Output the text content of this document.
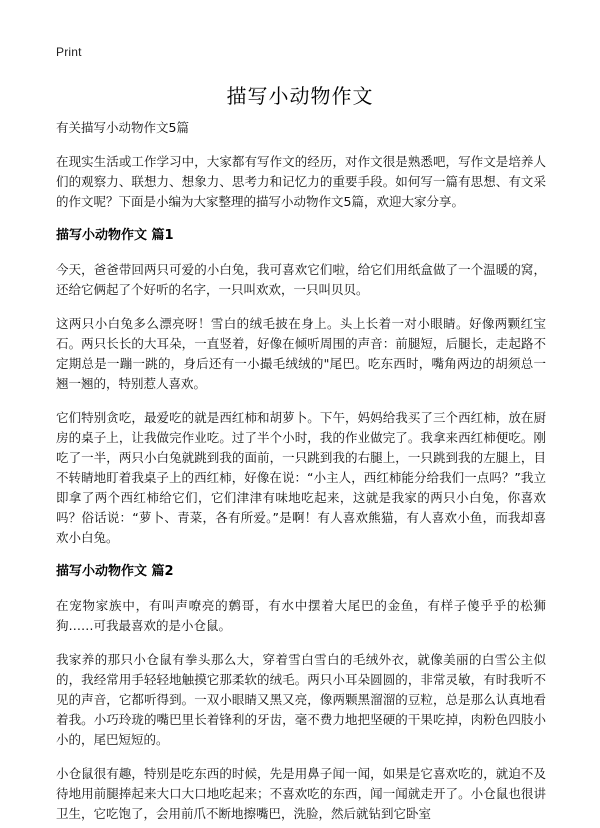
Print
描写小动物作文

有关描写小动物作文5篇

在现实生活或工作学习中，大家都有写作文的经历，对作文很是熟悉吧，写作文是培养人们的观察力、联想力、想象力、思考力和记忆力的重要手段。如何写一篇有思想、有文采的作文呢？下面是小编为大家整理的描写小动物作文5篇，欢迎大家分享。

描写小动物作文 篇1

今天，爸爸带回两只可爱的小白兔，我可喜欢它们啦，给它们用纸盒做了一个温暖的窝，还给它俩起了个好听的名字，一只叫欢欢，一只叫贝贝。

这两只小白兔多么漂亮呀！雪白的绒毛披在身上。头上长着一对小眼睛。好像两颗红宝石。两只长长的大耳朵，一直竖着，好像在倾听周围的声音：前腿短，后腿长，走起路不定期总是一蹦一跳的，身后还有一小撮毛绒绒的"尾巴。吃东西时，嘴角两边的胡须总一翘一翘的，特别惹人喜欢。

它们特别贪吃，最爱吃的就是西红柿和胡萝卜。下午，妈妈给我买了三个西红柿，放在厨房的桌子上，让我做完作业吃。过了半个小时，我的作业做完了。我拿来西红柿便吃。刚吃了一半，两只小白兔就跳到我的面前，一只跳到我的右腿上，一只跳到我的左腿上，目不转睛地盯着我桌子上的西红柿，好像在说：“小主人，西红柿能分给我们一点吗？”我立即拿了两个西红柿给它们，它们津津有味地吃起来，这就是我家的两只小白兔，你喜欢吗？俗话说：“萝卜、青菜，各有所爱。”是啊！有人喜欢熊猫，有人喜欢小鱼，而我却喜欢小白兔。

描写小动物作文 篇2

在宠物家族中，有叫声嘹亮的鹩哥，有水中摆着大尾巴的金鱼，有样子傻乎乎的松狮狗……可我最喜欢的是小仓鼠。

我家养的那只小仓鼠有拳头那么大，穿着雪白雪白的毛绒外衣，就像美丽的白雪公主似的，我经常用手轻轻地触摸它那柔软的绒毛。两只小耳朵圆圆的，非常灵敏，有时我听不见的声音，它都听得到。一双小眼睛又黑又亮，像两颗黑溜溜的豆粒，总是那么认真地看着我。小巧玲珑的嘴巴里长着锋利的牙齿，毫不费力地把坚硬的干果吃掉，肉粉色四肢小小的，尾巴短短的。

小仓鼠很有趣，特别是吃东西的时候，先是用鼻子闻一闻，如果是它喜欢吃的，就迫不及待地用前腿捧起来大口大口地吃起来；不喜欢吃的东西，闻一闻就走开了。小仓鼠也很讲卫生，它吃饱了，会用前爪不断地擦嘴巴，洗脸，然后就钻到它卧室
